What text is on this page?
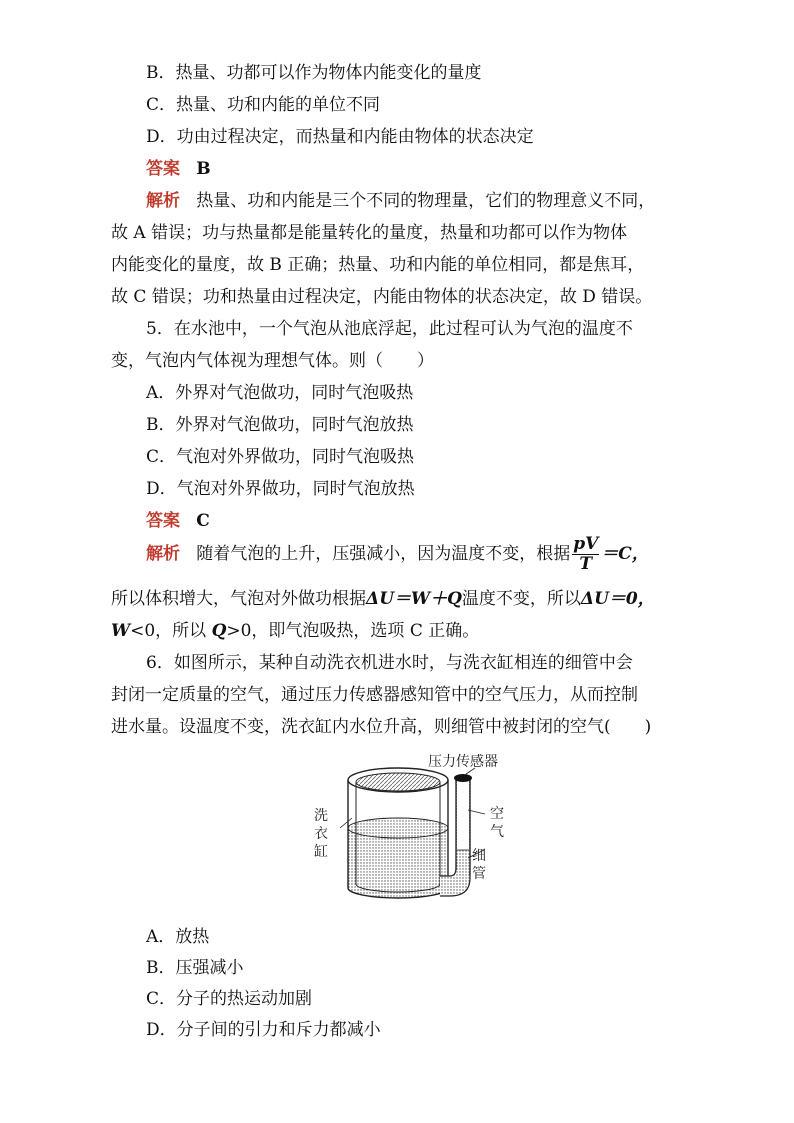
B．热量、功都可以作为物体内能变化的量度
C．热量、功和内能的单位不同
D．功由过程决定，而热量和内能由物体的状态决定
答案 B
解析 热量、功和内能是三个不同的物理量，它们的物理意义不同，
故 A 错误；功与热量都是能量转化的量度，热量和功都可以作为物体
内能变化的量度，故 B 正确；热量、功和内能的单位相同，都是焦耳，
故 C 错误；功和热量由过程决定，内能由物体的状态决定，故 D 错误。
5．在水池中，一个气泡从池底浮起，此过程可认为气泡的温度不
变，气泡内气体视为理想气体。则（　　）
A．外界对气泡做功，同时气泡吸热
B．外界对气泡做功，同时气泡放热
C．气泡对外界做功，同时气泡吸热
D．气泡对外界做功，同时气泡放热
答案 C
解析 随着气泡的上升，压强减小，因为温度不变，根据 $\frac{pV}{T} =C$，
所以体积增大，气泡对外做功根据ΔU＝W＋Q温度不变，所以ΔU＝0，
W<0，所以 Q>0，即气泡吸热，选项 C 正确。
6．如图所示，某种自动洗衣机进水时，与洗衣缸相连的细管中会
封闭一定质量的空气，通过压力传感器感知管中的空气压力，从而控制
进水量。设温度不变，洗衣缸内水位升高，则细管中被封闭的空气(　　)
压力传感器
洗
衣
缸
空
气
细
管
A．放热
B．压强减小
C．分子的热运动加剧
D．分子间的引力和斥力都减小
